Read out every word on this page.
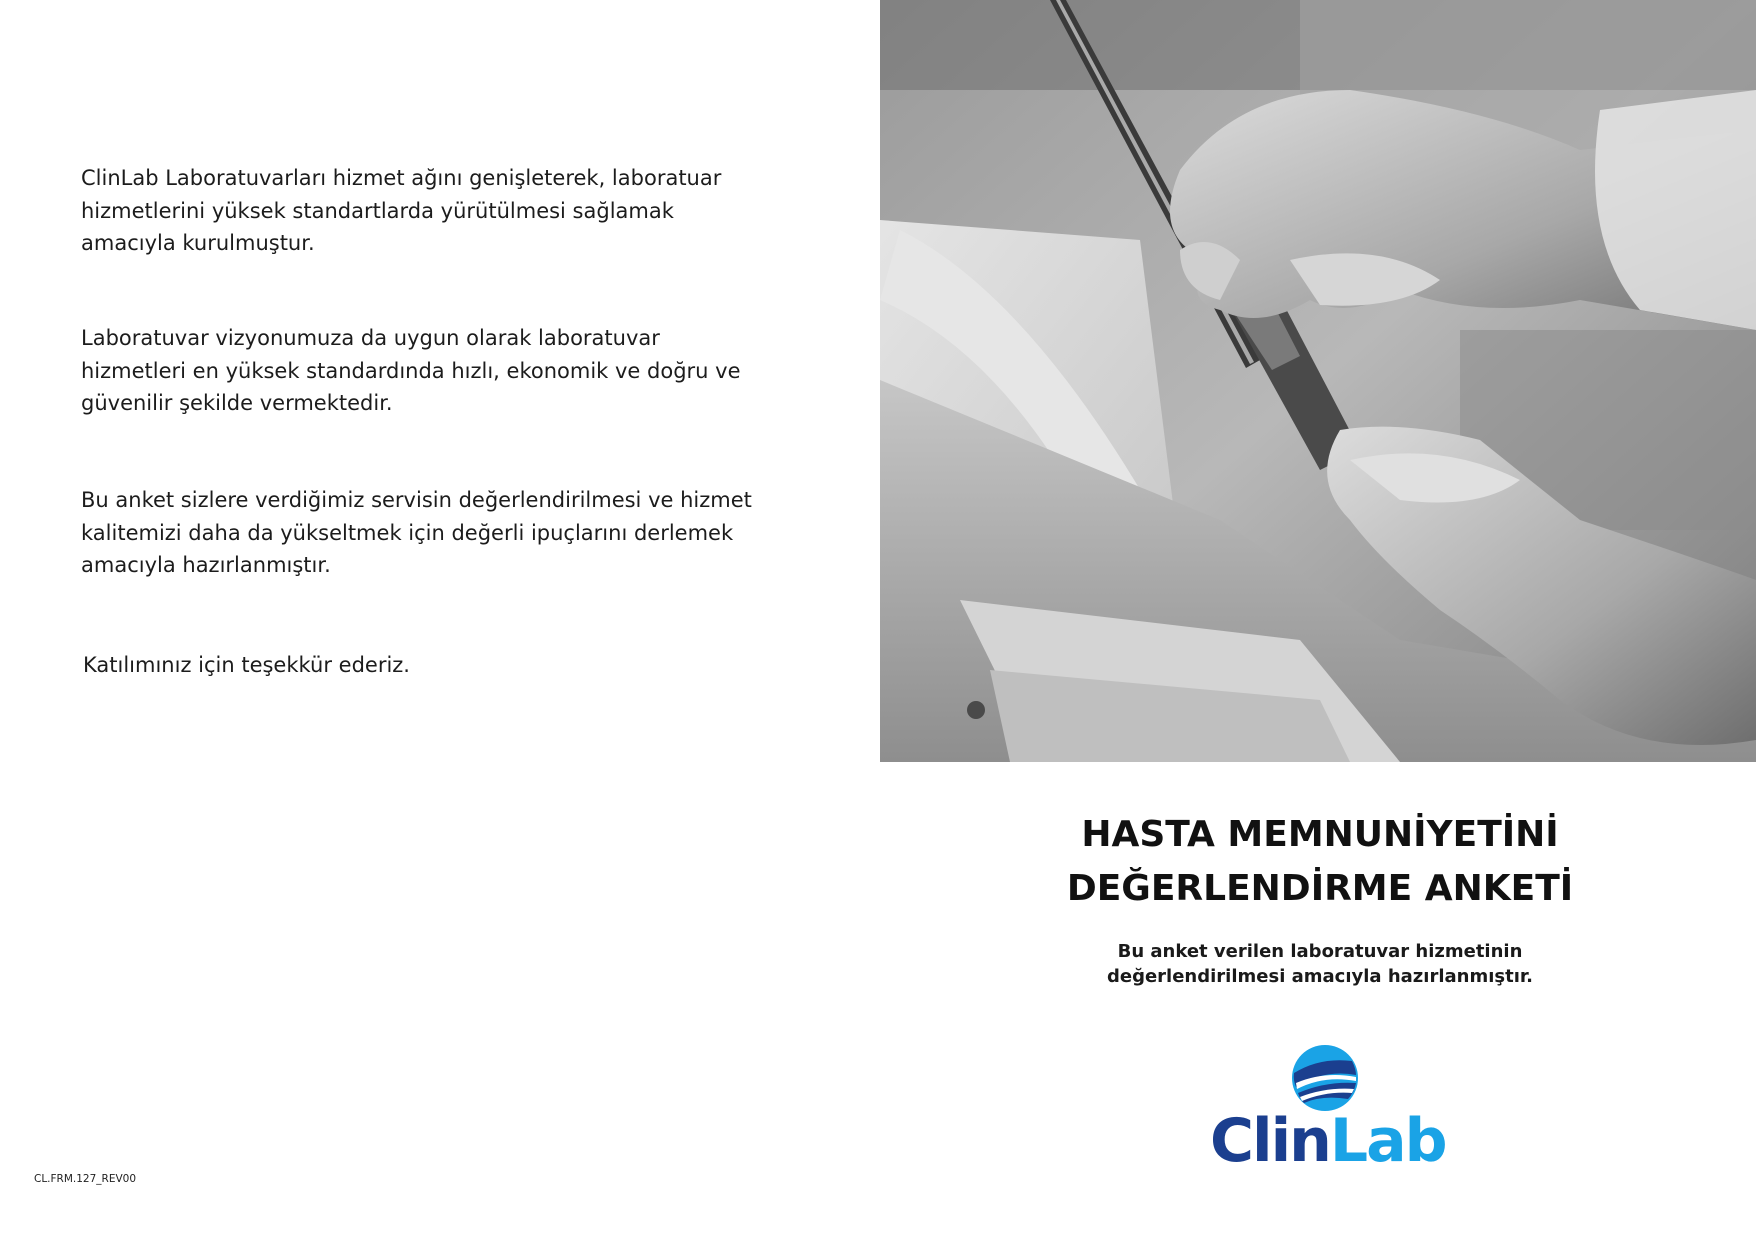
ClinLab Laboratuvarları hizmet ağını genişleterek, laboratuar
hizmetlerini yüksek standartlarda yürütülmesi sağlamak
amacıyla kurulmuştur.

Laboratuvar vizyonumuza da uygun olarak laboratuvar
hizmetleri en yüksek standardında hızlı, ekonomik ve doğru ve
güvenilir şekilde vermektedir.

Bu anket sizlere verdiğimiz servisin değerlendirilmesi ve hizmet
kalitemizi daha da yükseltmek için değerli ipuçlarını derlemek
amacıyla hazırlanmıştır.

Katılımınız için teşekkür ederiz.

CL.FRM.127_REV00
HASTA MEMNUNİYETİNİ
DEĞERLENDİRME ANKETİ

Bu anket verilen laboratuvar hizmetinin
değerlendirilmesi amacıyla hazırlanmıştır.

ClinLab
